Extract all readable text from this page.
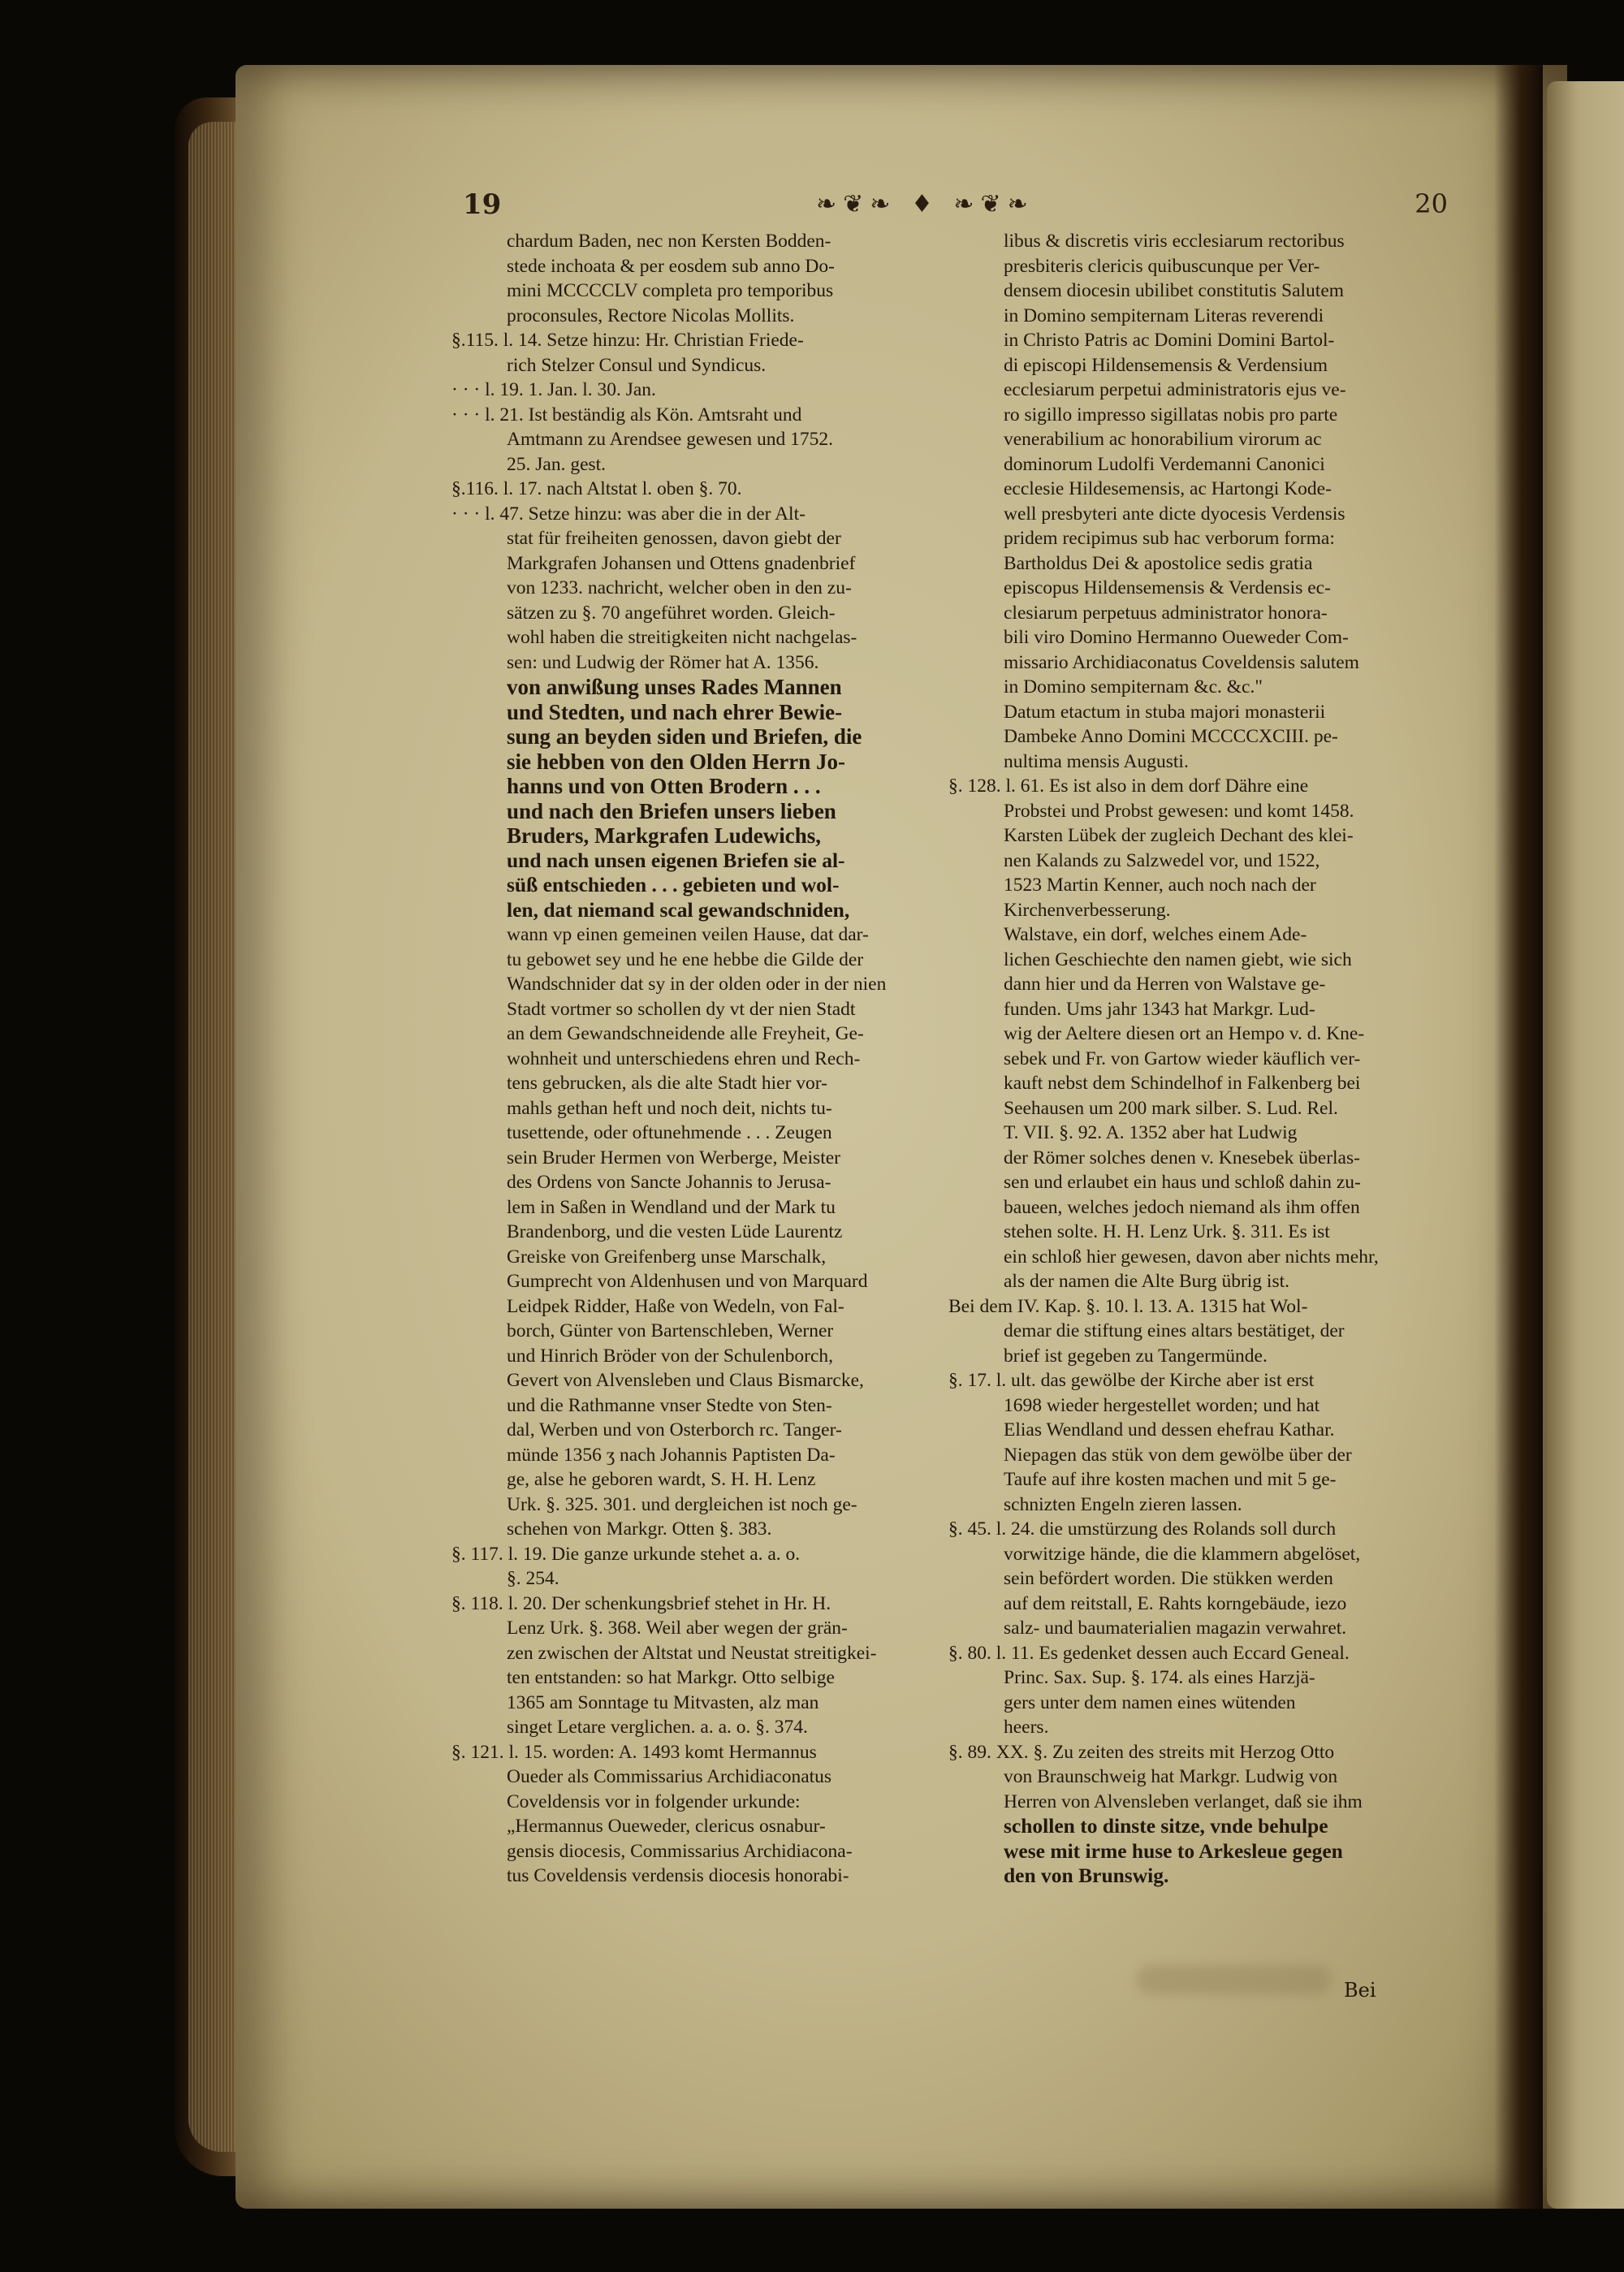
19	❧❦❧ ♦ ❧❦❧	20
chardum Baden, nec non Kersten Bodden-
stede inchoata & per eosdem sub anno Do-
mini MCCCCLV completa pro temporibus
proconsules, Rectore Nicolas Mollits.
§.115. l. 14. Setze hinzu: Hr. Christian Friede-
rich Stelzer Consul und Syndicus.
· · · l. 19. 1. Jan. l. 30. Jan.
· · · l. 21. Ist beständig als Kön. Amtsraht und
Amtmann zu Arendsee gewesen und 1752.
25. Jan. gest.
§.116. l. 17. nach Altstat l. oben §. 70.
· · · l. 47. Setze hinzu: was aber die in der Alt-
stat für freiheiten genossen, davon giebt der
Markgrafen Johansen und Ottens gnadenbrief
von 1233. nachricht, welcher oben in den zu-
sätzen zu §. 70 angeführet worden. Gleich-
wohl haben die streitigkeiten nicht nachgelas-
sen: und Ludwig der Römer hat A. 1356.
von anwißung unses Rades Mannen
und Stedten, und nach ehrer Bewie-
sung an beyden siden und Briefen, die
sie hebben von den Olden Herrn Jo-
hanns und von Otten Brodern . . .
und nach den Briefen unsers lieben
Bruders, Markgrafen Ludewichs,
und nach unsen eigenen Briefen sie al-
süß entschieden . . . gebieten und wol-
len, dat niemand scal gewandschniden,
wann vp einen gemeinen veilen Hause, dat dar-
tu gebowet sey und he ene hebbe die Gilde der
Wandschnider dat sy in der olden oder in der nien
Stadt vortmer so schollen dy vt der nien Stadt
an dem Gewandschneidende alle Freyheit, Ge-
wohnheit und unterschiedens ehren und Rech-
tens gebrucken, als die alte Stadt hier vor-
mahls gethan heft und noch deit, nichts tu-
tusettende, oder oftunehmende . . . Zeugen
sein Bruder Hermen von Werberge, Meister
des Ordens von Sancte Johannis to Jerusa-
lem in Saßen in Wendland und der Mark tu
Brandenborg, und die vesten Lüde Laurentz
Greiske von Greifenberg unse Marschalk,
Gumprecht von Aldenhusen und von Marquard
Leidpek Ridder, Haße von Wedeln, von Fal-
borch, Günter von Bartenschleben, Werner
und Hinrich Bröder von der Schulenborch,
Gevert von Alvensleben und Claus Bismarcke,
und die Rathmanne vnser Stedte von Sten-
dal, Werben und von Osterborch rc. Tanger-
münde 1356 ʒ nach Johannis Paptisten Da-
ge, alse he geboren wardt, S. H. H. Lenz
Urk. §. 325. 301. und dergleichen ist noch ge-
schehen von Markgr. Otten §. 383.
§. 117. l. 19. Die ganze urkunde stehet a. a. o.
§. 254.
§. 118. l. 20. Der schenkungsbrief stehet in Hr. H.
Lenz Urk. §. 368. Weil aber wegen der grän-
zen zwischen der Altstat und Neustat streitigkei-
ten entstanden: so hat Markgr. Otto selbige
1365 am Sonntage tu Mitvasten, alz man
singet Letare verglichen. a. a. o. §. 374.
§. 121. l. 15. worden: A. 1493 komt Hermannus
Oueder als Commissarius Archidiaconatus
Coveldensis vor in folgender urkunde:
„Hermannus Oueweder, clericus osnabur-
gensis diocesis, Commissarius Archidiacona-
tus Coveldensis verdensis diocesis honorabi-
libus & discretis viris ecclesiarum rectoribus
presbiteris clericis quibuscunque per Ver-
densem diocesin ubilibet constitutis Salutem
in Domino sempiternam Literas reverendi
in Christo Patris ac Domini Domini Bartol-
di episcopi Hildensemensis & Verdensium
ecclesiarum perpetui administratoris ejus ve-
ro sigillo impresso sigillatas nobis pro parte
venerabilium ac honorabilium virorum ac
dominorum Ludolfi Verdemanni Canonici
ecclesie Hildesemensis, ac Hartongi Kode-
well presbyteri ante dicte dyocesis Verdensis
pridem recipimus sub hac verborum forma:
Bartholdus Dei & apostolice sedis gratia
episcopus Hildensemensis & Verdensis ec-
clesiarum perpetuus administrator honora-
bili viro Domino Hermanno Oueweder Com-
missario Archidiaconatus Coveldensis salutem
in Domino sempiternam &c. &c."
Datum etactum in stuba majori monasterii
Dambeke Anno Domini MCCCCXCIII. pe-
nultima mensis Augusti.
§. 128. l. 61. Es ist also in dem dorf Dähre eine
Probstei und Probst gewesen: und komt 1458.
Karsten Lübek der zugleich Dechant des klei-
nen Kalands zu Salzwedel vor, und 1522,
1523 Martin Kenner, auch noch nach der
Kirchenverbesserung.
Walstave, ein dorf, welches einem Ade-
lichen Geschiechte den namen giebt, wie sich
dann hier und da Herren von Walstave ge-
funden. Ums jahr 1343 hat Markgr. Lud-
wig der Aeltere diesen ort an Hempo v. d. Kne-
sebek und Fr. von Gartow wieder käuflich ver-
kauft nebst dem Schindelhof in Falkenberg bei
Seehausen um 200 mark silber. S. Lud. Rel.
T. VII. §. 92. A. 1352 aber hat Ludwig
der Römer solches denen v. Knesebek überlas-
sen und erlaubet ein haus und schloß dahin zu-
baueen, welches jedoch niemand als ihm offen
stehen solte. H. H. Lenz Urk. §. 311. Es ist
ein schloß hier gewesen, davon aber nichts mehr,
als der namen die Alte Burg übrig ist.
Bei dem IV. Kap. §. 10. l. 13. A. 1315 hat Wol-
demar die stiftung eines altars bestätiget, der
brief ist gegeben zu Tangermünde.
§. 17. l. ult. das gewölbe der Kirche aber ist erst
1698 wieder hergestellet worden; und hat
Elias Wendland und dessen ehefrau Kathar.
Niepagen das stük von dem gewölbe über der
Taufe auf ihre kosten machen und mit 5 ge-
schnizten Engeln zieren lassen.
§. 45. l. 24. die umstürzung des Rolands soll durch
vorwitzige hände, die die klammern abgelöset,
sein befördert worden. Die stükken werden
auf dem reitstall, E. Rahts korngebäude, iezo
salz- und baumaterialien magazin verwahret.
§. 80. l. 11. Es gedenket dessen auch Eccard Geneal.
Princ. Sax. Sup. §. 174. als eines Harzjä-
gers unter dem namen eines wütenden
heers.
§. 89. XX. §. Zu zeiten des streits mit Herzog Otto
von Braunschweig hat Markgr. Ludwig von
Herren von Alvensleben verlanget, daß sie ihm
schollen to dinste sitze, vnde behulpe
wese mit irme huse to Arkesleue gegen
den von Brunswig.
Bei
